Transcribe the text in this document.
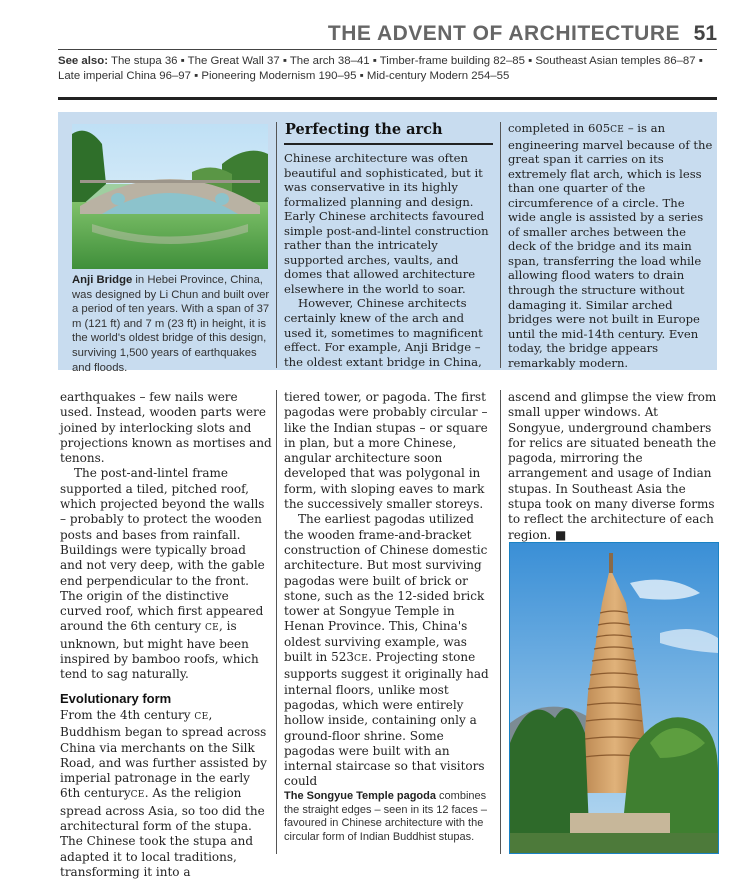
THE ADVENT OF ARCHITECTURE 51
See also: The stupa 36 ▪ The Great Wall 37 ▪ The arch 38–41 ▪ Timber-frame building 82–85 ▪ Southeast Asian temples 86–87 ▪ Late imperial China 96–97 ▪ Pioneering Modernism 190–95 ▪ Mid-century Modern 254–55
Anji Bridge in Hebei Province, China, was designed by Li Chun and built over a period of ten years. With a span of 37 m (121 ft) and 7 m (23 ft) in height, it is the world's oldest bridge of this design, surviving 1,500 years of earthquakes and floods.
Perfecting the arch

Chinese architecture was often beautiful and sophisticated, but it was conservative in its highly formalized planning and design. Early Chinese architects favoured simple post-and-lintel construction rather than the intricately supported arches, vaults, and domes that allowed architecture elsewhere in the world to soar.

However, Chinese architects certainly knew of the arch and used it, sometimes to magnificent effect. For example, Anji Bridge – the oldest extant bridge in China,

completed in 605CE – is an engineering marvel because of the great span it carries on its extremely flat arch, which is less than one quarter of the circumference of a circle. The wide angle is assisted by a series of smaller arches between the deck of the bridge and its main span, transferring the load while allowing flood waters to drain through the structure without damaging it. Similar arched bridges were not built in Europe until the mid-14th century. Even today, the bridge appears remarkably modern.

earthquakes – few nails were used. Instead, wooden parts were joined by interlocking slots and projections known as mortises and tenons.

The post-and-lintel frame supported a tiled, pitched roof, which projected beyond the walls – probably to protect the wooden posts and bases from rainfall. Buildings were typically broad and not very deep, with the gable end perpendicular to the front. The origin of the distinctive curved roof, which first appeared around the 6th century CE, is unknown, but might have been inspired by bamboo roofs, which tend to sag naturally.

Evolutionary form

From the 4th century CE, Buddhism began to spread across China via merchants on the Silk Road, and was further assisted by imperial patronage in the early 6th centuryCE. As the religion spread across Asia, so too did the architectural form of the stupa. The Chinese took the stupa and adapted it to local traditions, transforming it into a

tiered tower, or pagoda. The first pagodas were probably circular – like the Indian stupas – or square in plan, but a more Chinese, angular architecture soon developed that was polygonal in form, with sloping eaves to mark the successively smaller storeys.

The earliest pagodas utilized the wooden frame-and-bracket construction of Chinese domestic architecture. But most surviving pagodas were built of brick or stone, such as the 12-sided brick tower at Songyue Temple in Henan Province. This, China's oldest surviving example, was built in 523CE. Projecting stone supports suggest it originally had internal floors, unlike most pagodas, which were entirely hollow inside, containing only a ground-floor shrine. Some pagodas were built with an internal staircase so that visitors could

The Songyue Temple pagoda combines the straight edges – seen in its 12 faces – favoured in Chinese architecture with the circular form of Indian Buddhist stupas.

ascend and glimpse the view from small upper windows. At Songyue, underground chambers for relics are situated beneath the pagoda, mirroring the arrangement and usage of Indian stupas. In Southeast Asia the stupa took on many diverse forms to reflect the architecture of each region. ■
